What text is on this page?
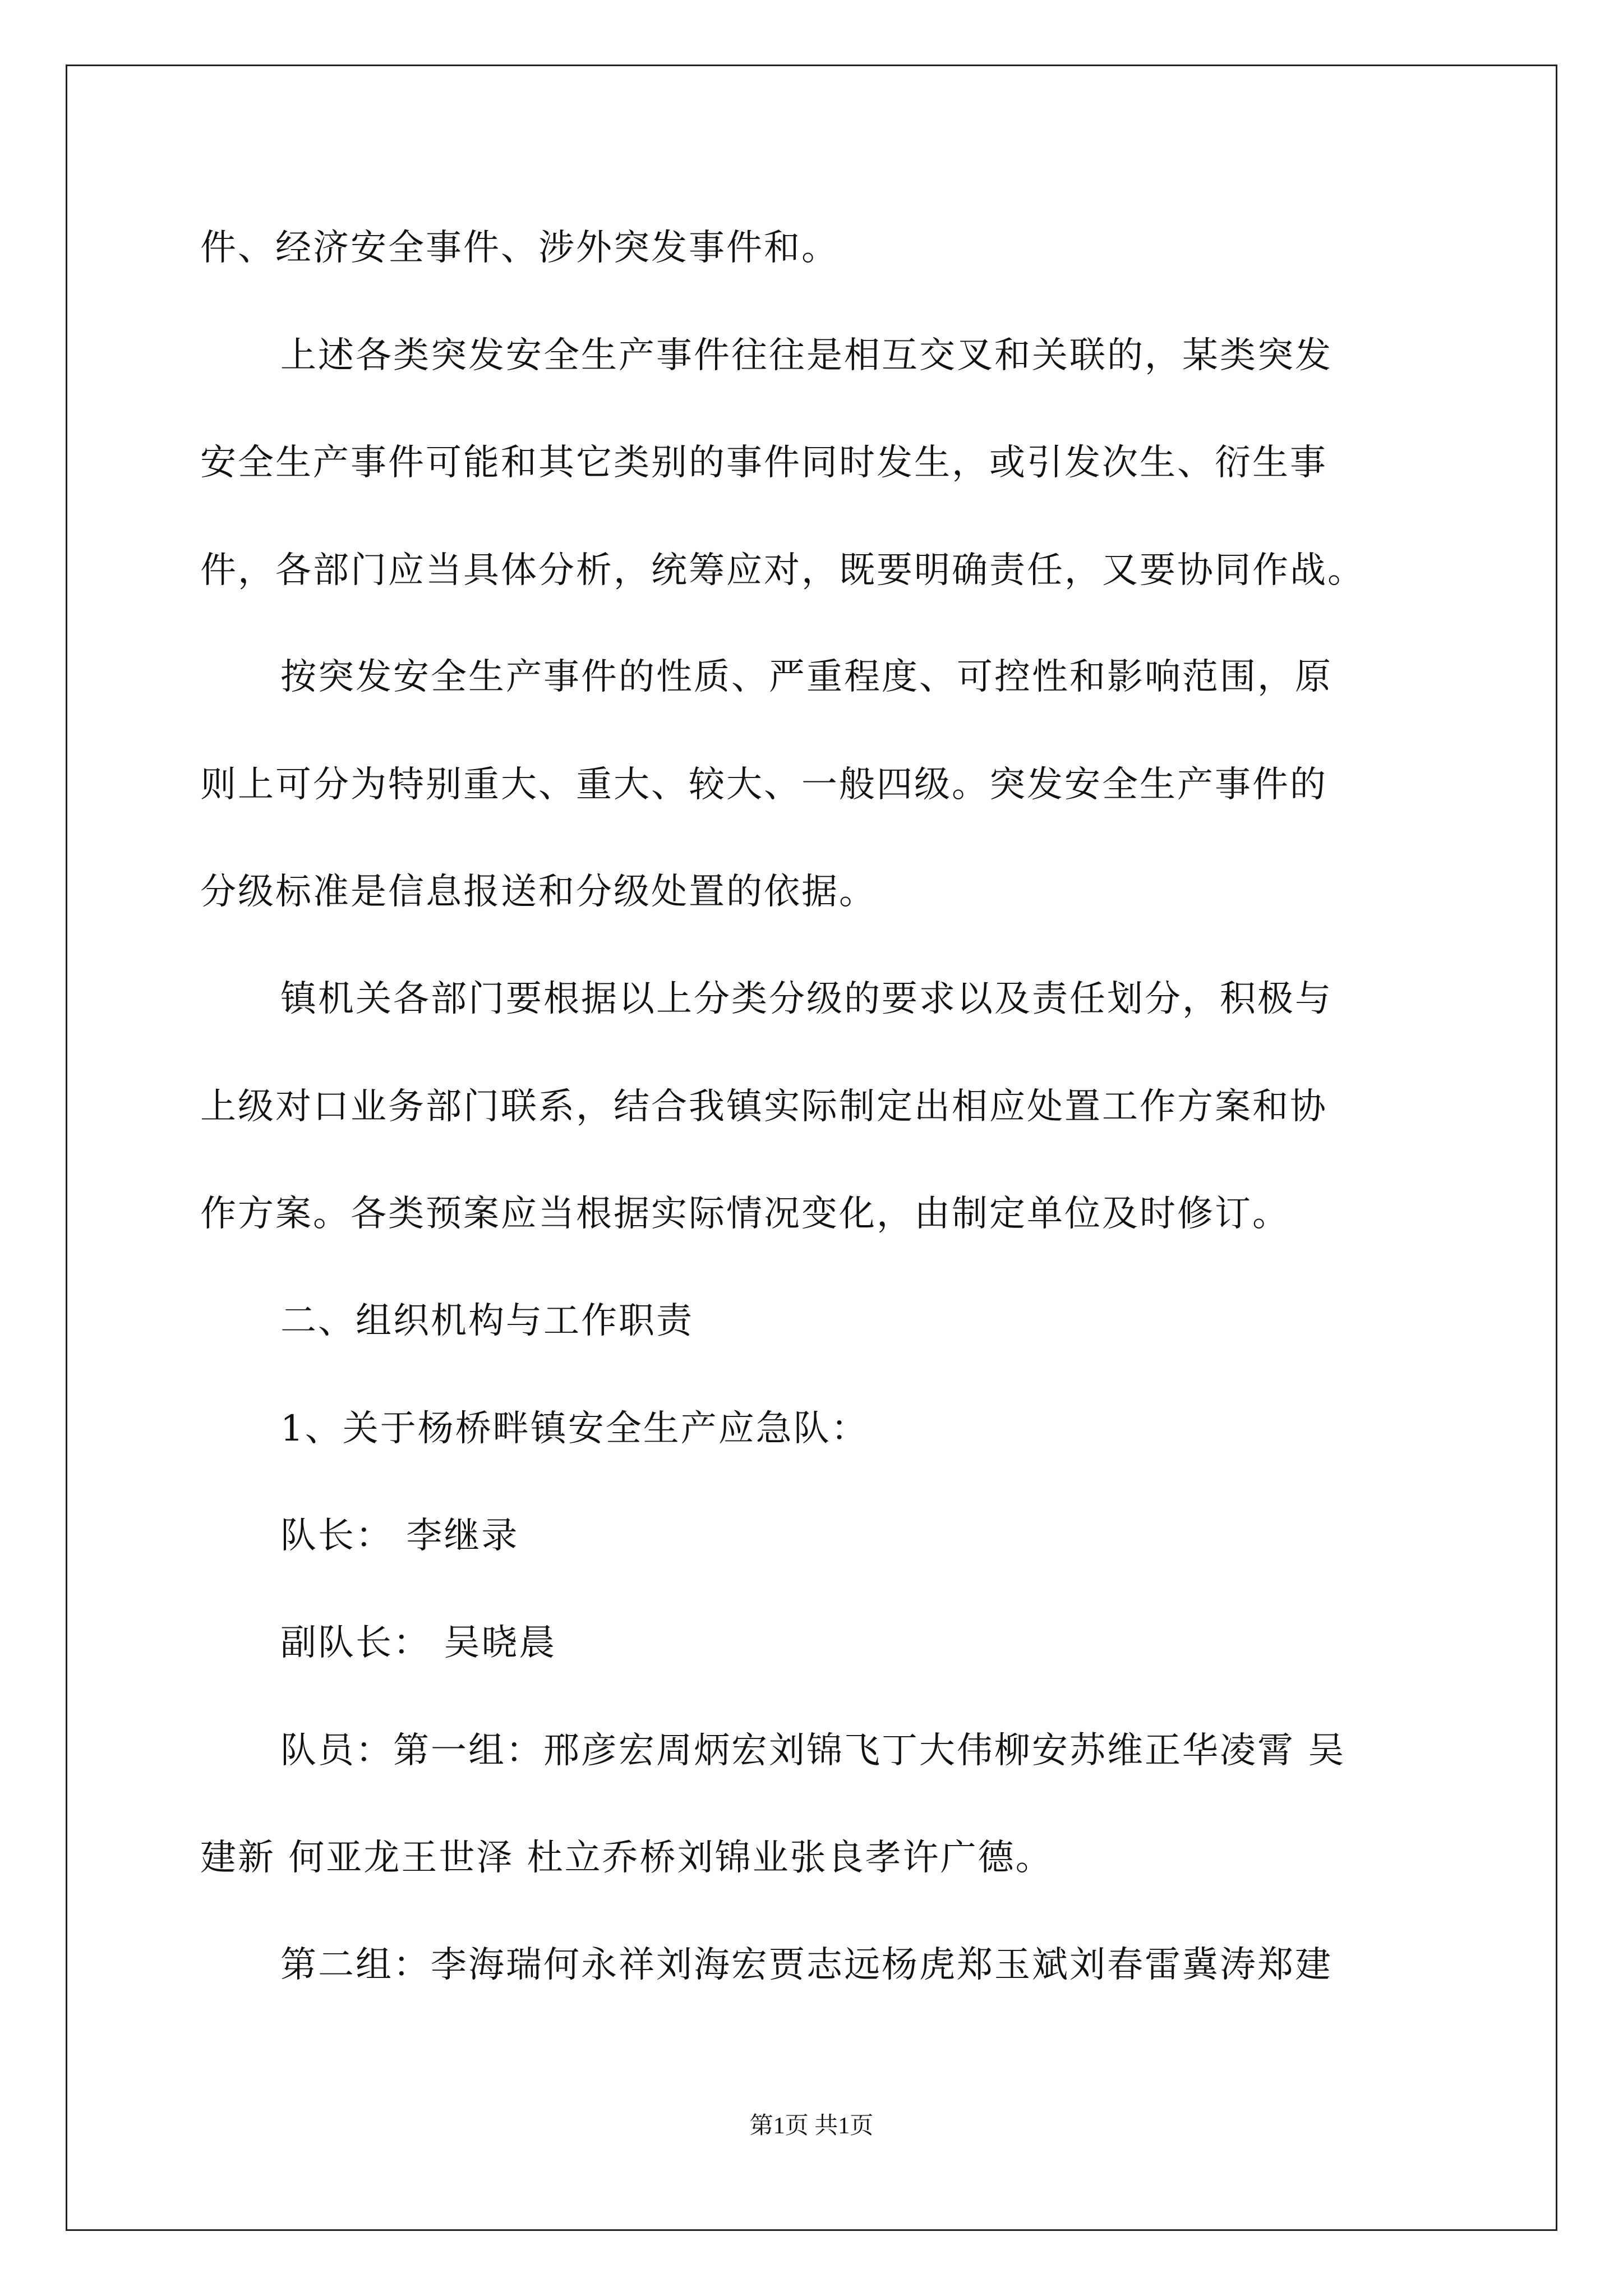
件、经济安全事件、涉外突发事件和。
上述各类突发安全生产事件往往是相互交叉和关联的，某类突发
安全生产事件可能和其它类别的事件同时发生，或引发次生、衍生事
件，各部门应当具体分析，统筹应对，既要明确责任，又要协同作战。
按突发安全生产事件的性质、严重程度、可控性和影响范围，原
则上可分为特别重大、重大、较大、一般四级。突发安全生产事件的
分级标准是信息报送和分级处置的依据。
镇机关各部门要根据以上分类分级的要求以及责任划分，积极与
上级对口业务部门联系，结合我镇实际制定出相应处置工作方案和协
作方案。各类预案应当根据实际情况变化，由制定单位及时修订。
二、组织机构与工作职责
1、关于杨桥畔镇安全生产应急队：
队长： 李继录
副队长： 吴晓晨
队员：第一组：邢彦宏周炳宏刘锦飞丁大伟柳安苏维正华凌霄 吴
建新 何亚龙王世泽 杜立乔桥刘锦业张良孝许广德。
第二组：李海瑞何永祥刘海宏贾志远杨虎郑玉斌刘春雷冀涛郑建
第1页 共1页
